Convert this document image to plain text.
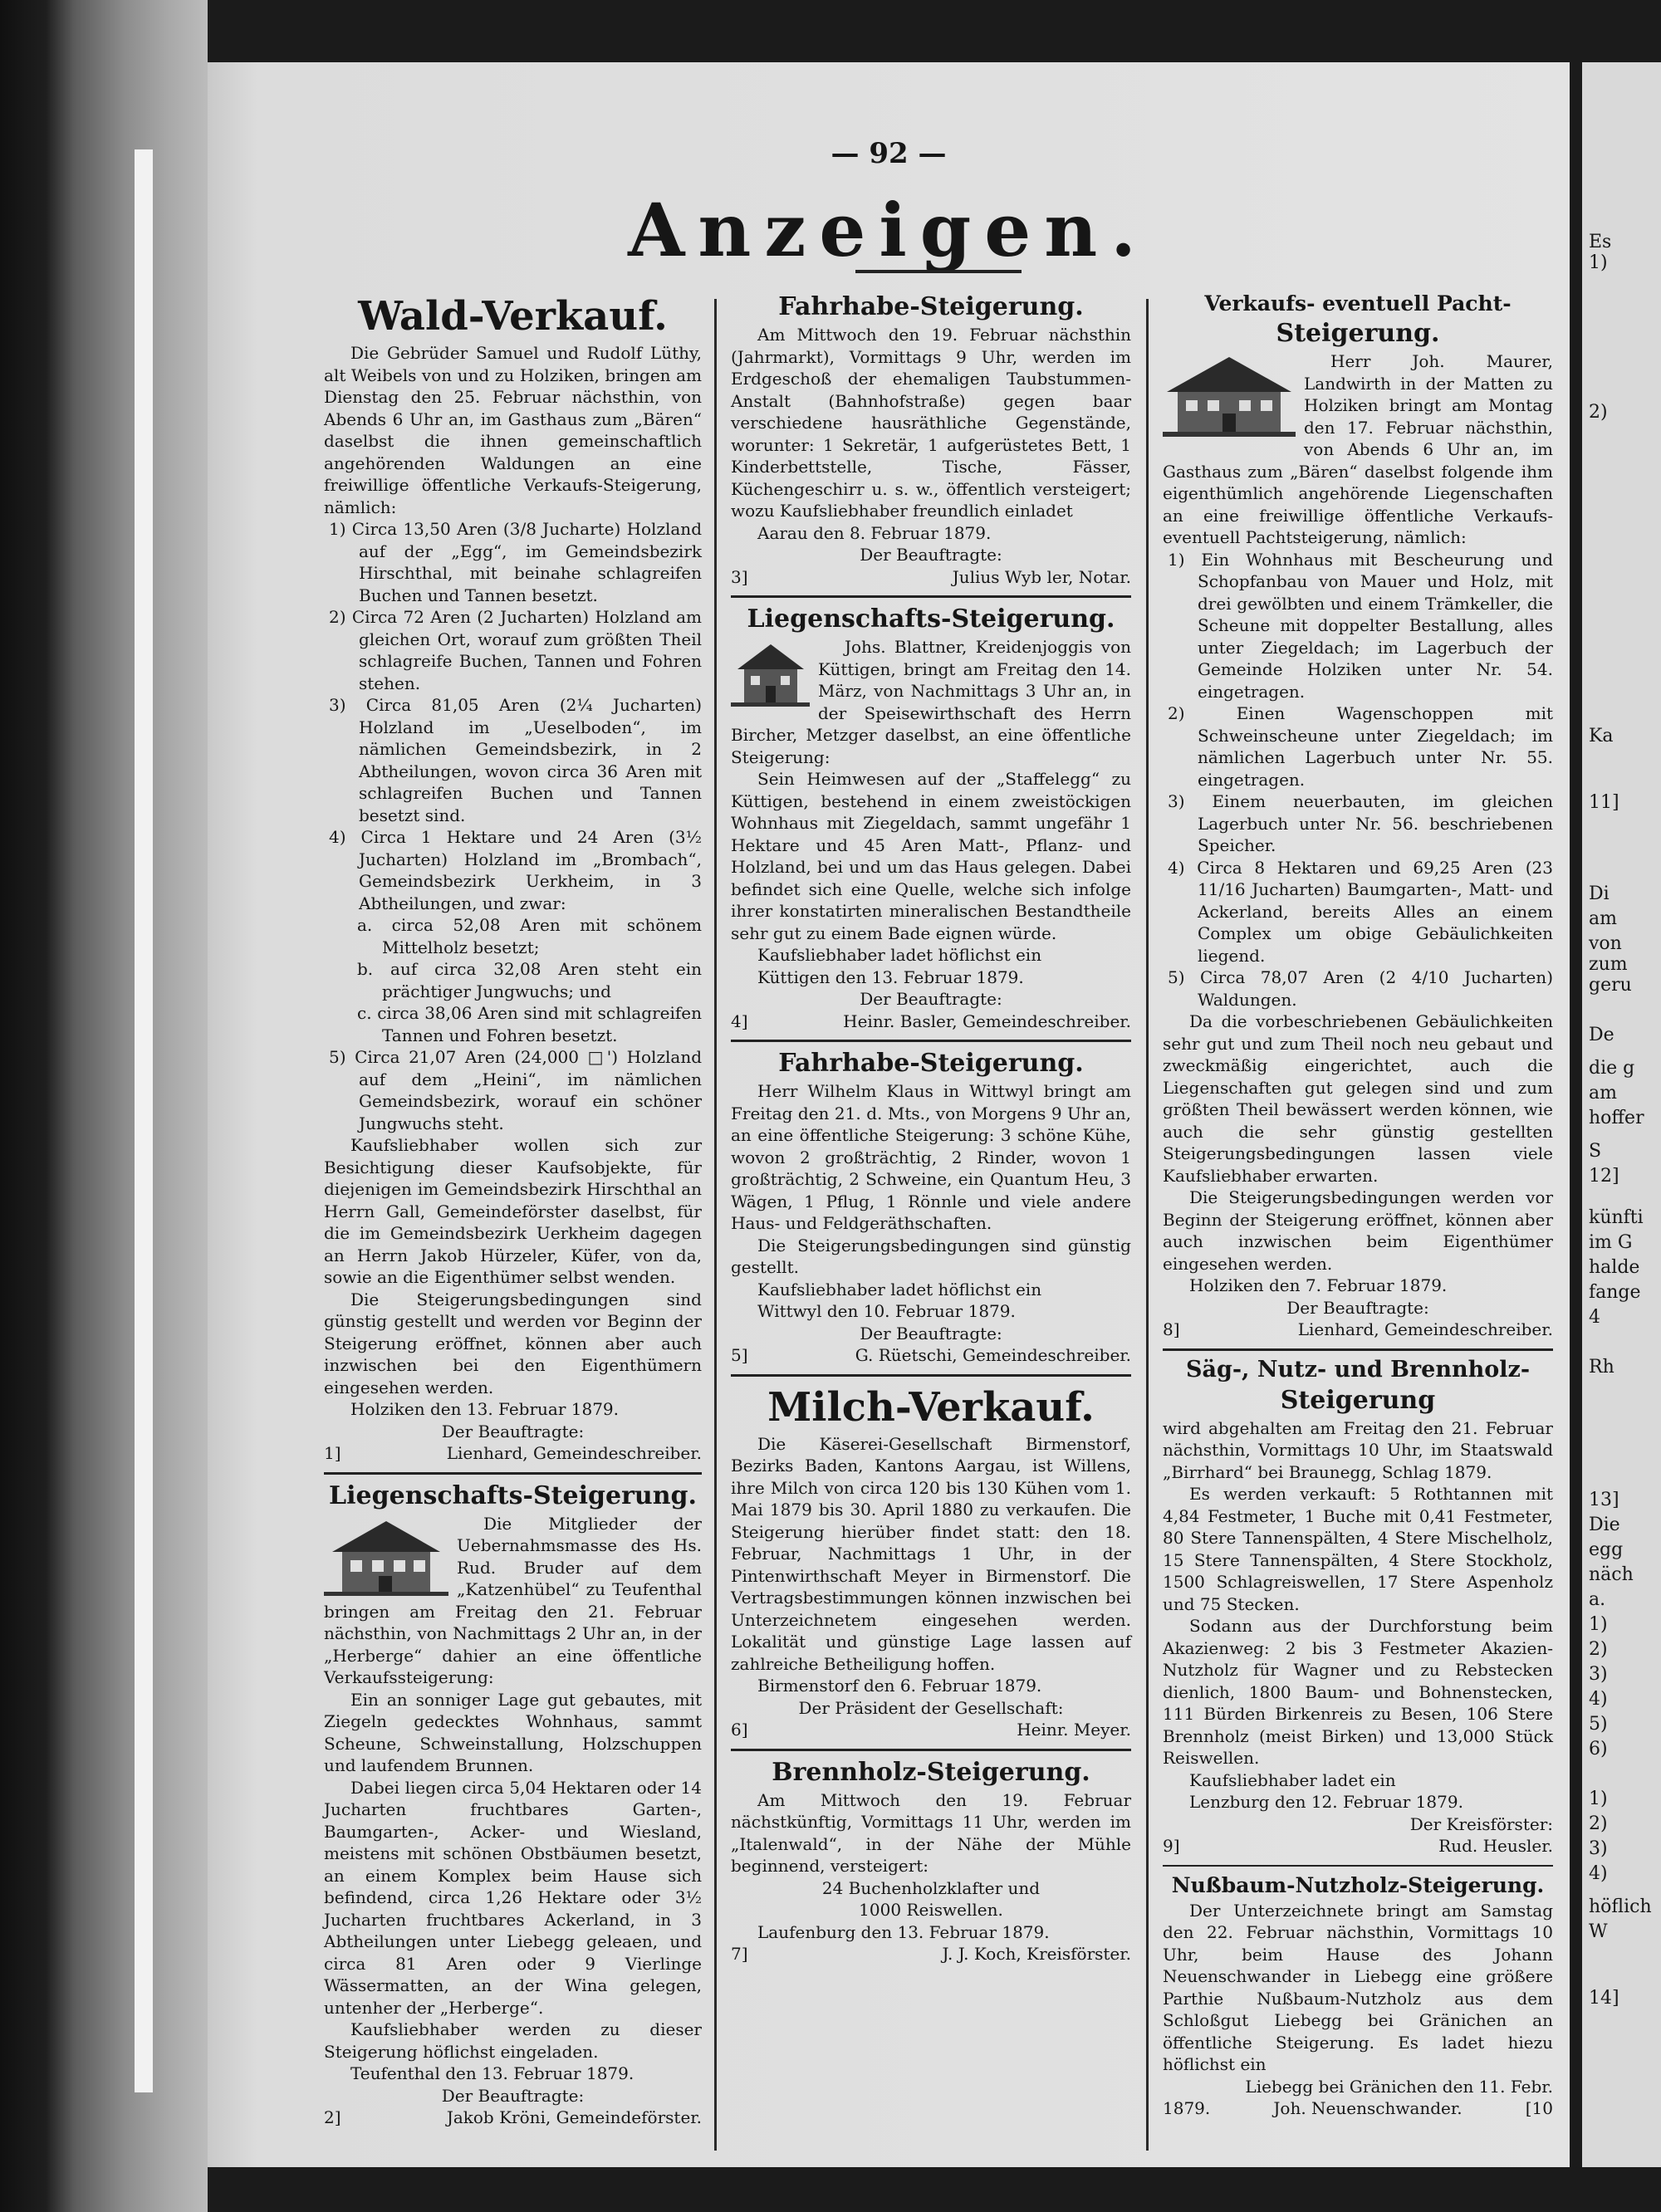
— 92 —
Anzeigen.

Wald-Verkauf.

Die Gebrüder Samuel und Rudolf Lüthy, alt Weibels von und zu Holziken, bringen am Dienstag den 25. Februar nächsthin, von Abends 6 Uhr an, im Gasthaus zum „Bären“ daselbst die ihnen gemeinschaftlich angehörenden Waldungen an eine freiwillige öffentliche Verkaufs-Steigerung, nämlich:

1) Circa 13,50 Aren (3/8 Jucharte) Holzland auf der „Egg“, im Gemeindsbezirk Hirschthal, mit beinahe schlagreifen Buchen und Tannen besetzt.

2) Circa 72 Aren (2 Jucharten) Holzland am gleichen Ort, worauf zum größten Theil schlagreife Buchen, Tannen und Fohren stehen.

3) Circa 81,05 Aren (2¼ Jucharten) Holzland im „Ueselboden“, im nämlichen Gemeindsbezirk, in 2 Abtheilungen, wovon circa 36 Aren mit schlagreifen Buchen und Tannen besetzt sind.

4) Circa 1 Hektare und 24 Aren (3½ Jucharten) Holzland im „Brombach“, Gemeindsbezirk Uerkheim, in 3 Abtheilungen, und zwar:

a. circa 52,08 Aren mit schönem Mittelholz besetzt;

b. auf circa 32,08 Aren steht ein prächtiger Jungwuchs; und

c. circa 38,06 Aren sind mit schlagreifen Tannen und Fohren besetzt.

5) Circa 21,07 Aren (24,000 □') Holzland auf dem „Heini“, im nämlichen Gemeindsbezirk, worauf ein schöner Jungwuchs steht.

Kaufsliebhaber wollen sich zur Besichtigung dieser Kaufsobjekte, für diejenigen im Gemeindsbezirk Hirschthal an Herrn Gall, Gemeindeförster daselbst, für die im Gemeindsbezirk Uerkheim dagegen an Herrn Jakob Hürzeler, Küfer, von da, sowie an die Eigenthümer selbst wenden.

Die Steigerungsbedingungen sind günstig gestellt und werden vor Beginn der Steigerung eröffnet, können aber auch inzwischen bei den Eigenthümern eingesehen werden.

Holziken den 13. Februar 1879.

Der Beauftragte:

1]	Lienhard, Gemeindeschreiber.

Liegenschafts-Steigerung.

Die Mitglieder der Uebernahmsmasse des Hs. Rud. Bruder auf dem „Katzenhübel“ zu Teufenthal bringen am Freitag den 21. Februar nächsthin, von Nachmittags 2 Uhr an, in der „Herberge“ dahier an eine öffentliche Verkaufssteigerung:

Ein an sonniger Lage gut gebautes, mit Ziegeln gedecktes Wohnhaus, sammt Scheune, Schweinstallung, Holzschuppen und laufendem Brunnen.

Dabei liegen circa 5,04 Hektaren oder 14 Jucharten fruchtbares Garten-, Baumgarten-, Acker- und Wiesland, meistens mit schönen Obstbäumen besetzt, an einem Komplex beim Hause sich befindend, circa 1,26 Hektare oder 3½ Jucharten fruchtbares Ackerland, in 3 Abtheilungen unter Liebegg geleaen, und circa 81 Aren oder 9 Vierlinge Wässermatten, an der Wina gelegen, untenher der „Herberge“.

Kaufsliebhaber werden zu dieser Steigerung höflichst eingeladen.

Teufenthal den 13. Februar 1879.

Der Beauftragte:

2]	Jakob Kröni, Gemeindeförster.

Fahrhabe-Steigerung.

Am Mittwoch den 19. Februar nächsthin (Jahrmarkt), Vormittags 9 Uhr, werden im Erdgeschoß der ehemaligen Taubstummen-Anstalt (Bahnhofstraße) gegen baar verschiedene hausräthliche Gegenstände, worunter: 1 Sekretär, 1 aufgerüstetes Bett, 1 Kinderbettstelle, Tische, Fässer, Küchengeschirr u. s. w., öffentlich versteigert; wozu Kaufsliebhaber freundlich einladet

Aarau den 8. Februar 1879.

Der Beauftragte:

3]	Julius Wyb ler, Notar.

Liegenschafts-Steigerung.

Johs. Blattner, Kreidenjoggis von Küttigen, bringt am Freitag den 14. März, von Nachmittags 3 Uhr an, in der Speisewirthschaft des Herrn Bircher, Metzger daselbst, an eine öffentliche Steigerung:

Sein Heimwesen auf der „Staffelegg“ zu Küttigen, bestehend in einem zweistöckigen Wohnhaus mit Ziegeldach, sammt ungefähr 1 Hektare und 45 Aren Matt-, Pflanz- und Holzland, bei und um das Haus gelegen. Dabei befindet sich eine Quelle, welche sich infolge ihrer konstatirten mineralischen Bestandtheile sehr gut zu einem Bade eignen würde.

Kaufsliebhaber ladet höflichst ein

Küttigen den 13. Februar 1879.

Der Beauftragte:

4]	Heinr. Basler, Gemeindeschreiber.

Fahrhabe-Steigerung.

Herr Wilhelm Klaus in Wittwyl bringt am Freitag den 21. d. Mts., von Morgens 9 Uhr an, an eine öffentliche Steigerung: 3 schöne Kühe, wovon 2 großträchtig, 2 Rinder, wovon 1 großträchtig, 2 Schweine, ein Quantum Heu, 3 Wägen, 1 Pflug, 1 Rönnle und viele andere Haus- und Feldgeräthschaften.

Die Steigerungsbedingungen sind günstig gestellt.

Kaufsliebhaber ladet höflichst ein

Wittwyl den 10. Februar 1879.

Der Beauftragte:

5]	G. Rüetschi, Gemeindeschreiber.

Milch-Verkauf.

Die Käserei-Gesellschaft Birmenstorf, Bezirks Baden, Kantons Aargau, ist Willens, ihre Milch von circa 120 bis 130 Kühen vom 1. Mai 1879 bis 30. April 1880 zu verkaufen. Die Steigerung hierüber findet statt: den 18. Februar, Nachmittags 1 Uhr, in der Pintenwirthschaft Meyer in Birmenstorf. Die Vertragsbestimmungen können inzwischen bei Unterzeichnetem eingesehen werden. Lokalität und günstige Lage lassen auf zahlreiche Betheiligung hoffen.

Birmenstorf den 6. Februar 1879.

Der Präsident der Gesellschaft:

6]	Heinr. Meyer.

Brennholz-Steigerung.

Am Mittwoch den 19. Februar nächstkünftig, Vormittags 11 Uhr, werden im „Italenwald“, in der Nähe der Mühle beginnend, versteigert:

24 Buchenholzklafter und

1000 Reiswellen.

Laufenburg den 13. Februar 1879.

7]	J. J. Koch, Kreisförster.

Verkaufs- eventuell Pacht-

Steigerung.

Herr Joh. Maurer, Landwirth in der Matten zu Holziken bringt am Montag den 17. Februar nächsthin, von Abends 6 Uhr an, im Gasthaus zum „Bären“ daselbst folgende ihm eigenthümlich angehörende Liegenschaften an eine freiwillige öffentliche Verkaufs- eventuell Pachtsteigerung, nämlich:

1) Ein Wohnhaus mit Bescheurung und Schopfanbau von Mauer und Holz, mit drei gewölbten und einem Trämkeller, die Scheune mit doppelter Bestallung, alles unter Ziegeldach; im Lagerbuch der Gemeinde Holziken unter Nr. 54. eingetragen.

2) Einen Wagenschoppen mit Schweinscheune unter Ziegeldach; im nämlichen Lagerbuch unter Nr. 55. eingetragen.

3) Einem neuerbauten, im gleichen Lagerbuch unter Nr. 56. beschriebenen Speicher.

4) Circa 8 Hektaren und 69,25 Aren (23 11/16 Jucharten) Baumgarten-, Matt- und Ackerland, bereits Alles an einem Complex um obige Gebäulichkeiten liegend.

5) Circa 78,07 Aren (2 4/10 Jucharten) Waldungen.

Da die vorbeschriebenen Gebäulichkeiten sehr gut und zum Theil noch neu gebaut und zweckmäßig eingerichtet, auch die Liegenschaften gut gelegen sind und zum größten Theil bewässert werden können, wie auch die sehr günstig gestellten Steigerungsbedingungen lassen viele Kaufsliebhaber erwarten.

Die Steigerungsbedingungen werden vor Beginn der Steigerung eröffnet, können aber auch inzwischen beim Eigenthümer eingesehen werden.

Holziken den 7. Februar 1879.

Der Beauftragte:

8]	Lienhard, Gemeindeschreiber.

Säg-, Nutz- und Brennholz-

Steigerung

wird abgehalten am Freitag den 21. Februar nächsthin, Vormittags 10 Uhr, im Staatswald „Birrhard“ bei Braunegg, Schlag 1879.

Es werden verkauft: 5 Rothtannen mit 4,84 Festmeter, 1 Buche mit 0,41 Festmeter, 80 Stere Tannenspälten, 4 Stere Mischelholz, 15 Stere Tannenspälten, 4 Stere Stockholz, 1500 Schlagreiswellen, 17 Stere Aspenholz und 75 Stecken.

Sodann aus der Durchforstung beim Akazienweg: 2 bis 3 Festmeter Akazien-Nutzholz für Wagner und zu Rebstecken dienlich, 1800 Baum- und Bohnenstecken, 111 Bürden Birkenreis zu Besen, 106 Stere Brennholz (meist Birken) und 13,000 Stück Reiswellen.

Kaufsliebhaber ladet ein

Lenzburg den 12. Februar 1879.

Der Kreisförster:

9]	Rud. Heusler.

Nußbaum-Nutzholz-Steigerung.

Der Unterzeichnete bringt am Samstag den 22. Februar nächsthin, Vormittags 10 Uhr, beim Hause des Johann Neuenschwander in Liebegg eine größere Parthie Nußbaum-Nutzholz aus dem Schloßgut Liebegg bei Gränichen an öffentliche Steigerung. Es ladet hiezu höflichst ein

Liebegg bei Gränichen den 11. Febr.

1879.	Joh. Neuenschwander.	[10
Es
1)
2)
Ka
11]
Di
am
von
zum
geru
De
die g
am
hoffer
S
12]
künfti
im G
halde
fange
4
Rh
13]
Die
egg
näch
a.
1)
2)
3)
4)
5)
6)
1)
2)
3)
4)
höflich
W
14]
